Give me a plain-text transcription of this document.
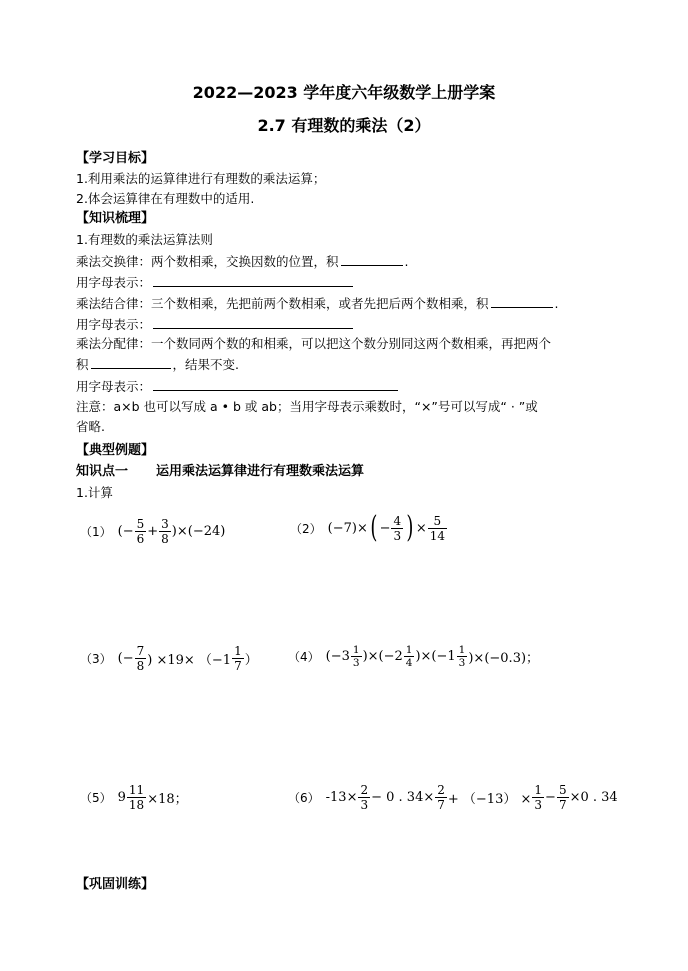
2022—2023 学年度六年级数学上册学案
2.7 有理数的乘法（2）
【学习目标】
1.利用乘法的运算律进行有理数的乘法运算；
2.体会运算律在有理数中的适用.
【知识梳理】
1.有理数的乘法运算法则
乘法交换律：两个数相乘，交换因数的位置，积	.
用字母表示：
乘法结合律：三个数相乘，先把前两个数相乘，或者先把后两个数相乘，积	.
用字母表示：
乘法分配律：一个数同两个数的和相乘，可以把这个数分别同这两个数相乘，再把两个
积	，结果不变.
用字母表示：
注意：a×b 也可以写成 a • b 或 ab；当用字母表示乘数时，“×”号可以写成“ · ”或
省略.
【典型例题】
知识点一 运用乘法运算律进行有理数乘法运算
1.计算
（1） (− $\frac{5}{6} + \frac{3}{8}$ )× (−24)	（2） (−7)× ( − $\frac{4}{3}$ ) × $\frac{5}{14}$
（3） (− $\frac{7}{8}$ ) $\times 19\times (-1 \frac{1}{7}$ ）	（4） $(-3 \frac{1}{3} )\times(-2 \frac{1}{4} )\times(-1 \frac{1}{3} )\times(-0.3)$；
（5） $9 \frac{11}{18} \times 18$；	（6） $-13\times \frac{2}{3} - 0$ . $34\times \frac{2}{7} + (-13) \times \frac{1}{3} - \frac{5}{7} \times 0$ . 34
【巩固训练】
